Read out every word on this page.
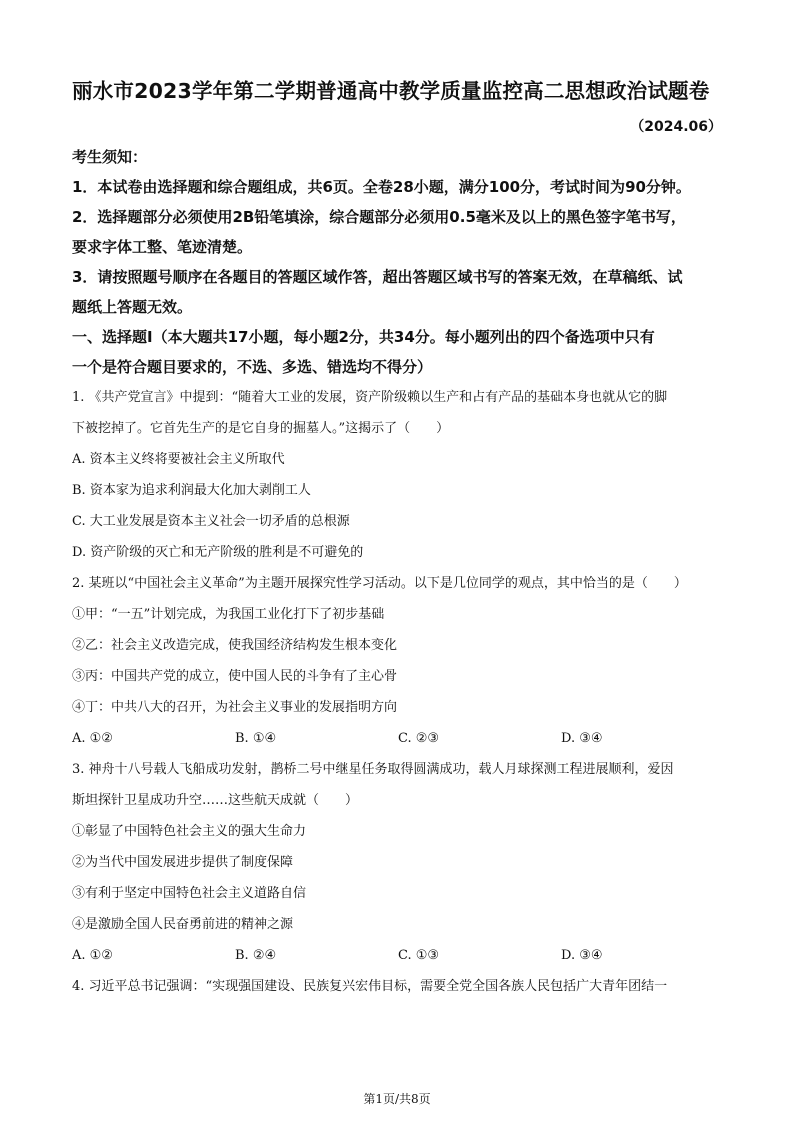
丽水市2023学年第二学期普通高中教学质量监控高二思想政治试题卷
（2024.06）
考生须知：
1．本试卷由选择题和综合题组成，共6页。全卷28小题，满分100分，考试时间为90分钟。
2．选择题部分必须使用2B铅笔填涂，综合题部分必须用0.5毫米及以上的黑色签字笔书写，
要求字体工整、笔迹清楚。
3．请按照题号顺序在各题目的答题区域作答，超出答题区域书写的答案无效，在草稿纸、试
题纸上答题无效。
一、选择题Ⅰ（本大题共17小题，每小题2分，共34分。每小题列出的四个备选项中只有
一个是符合题目要求的，不选、多选、错选均不得分）
1. 《共产党宣言》中提到：“随着大工业的发展，资产阶级赖以生产和占有产品的基础本身也就从它的脚
下被挖掉了。它首先生产的是它自身的掘墓人。”这揭示了（　　）
A. 资本主义终将要被社会主义所取代
B. 资本家为追求利润最大化加大剥削工人
C. 大工业发展是资本主义社会一切矛盾的总根源
D. 资产阶级的灭亡和无产阶级的胜利是不可避免的
2. 某班以“中国社会主义革命”为主题开展探究性学习活动。以下是几位同学的观点，其中恰当的是（　　）
①甲：“一五”计划完成，为我国工业化打下了初步基础
②乙：社会主义改造完成，使我国经济结构发生根本变化
③丙：中国共产党的成立，使中国人民的斗争有了主心骨
④丁：中共八大的召开，为社会主义事业的发展指明方向
A. ①②	B. ①④	C. ②③	D. ③④
3. 神舟十八号载人飞船成功发射，鹊桥二号中继星任务取得圆满成功，载人月球探测工程进展顺利，爱因
斯坦探针卫星成功升空……这些航天成就（　　）
①彰显了中国特色社会主义的强大生命力
②为当代中国发展进步提供了制度保障
③有利于坚定中国特色社会主义道路自信
④是激励全国人民奋勇前进的精神之源
A. ①②	B. ②④	C. ①③	D. ③④
4. 习近平总书记强调：“实现强国建设、民族复兴宏伟目标，需要全党全国各族人民包括广大青年团结一
第1页/共8页
